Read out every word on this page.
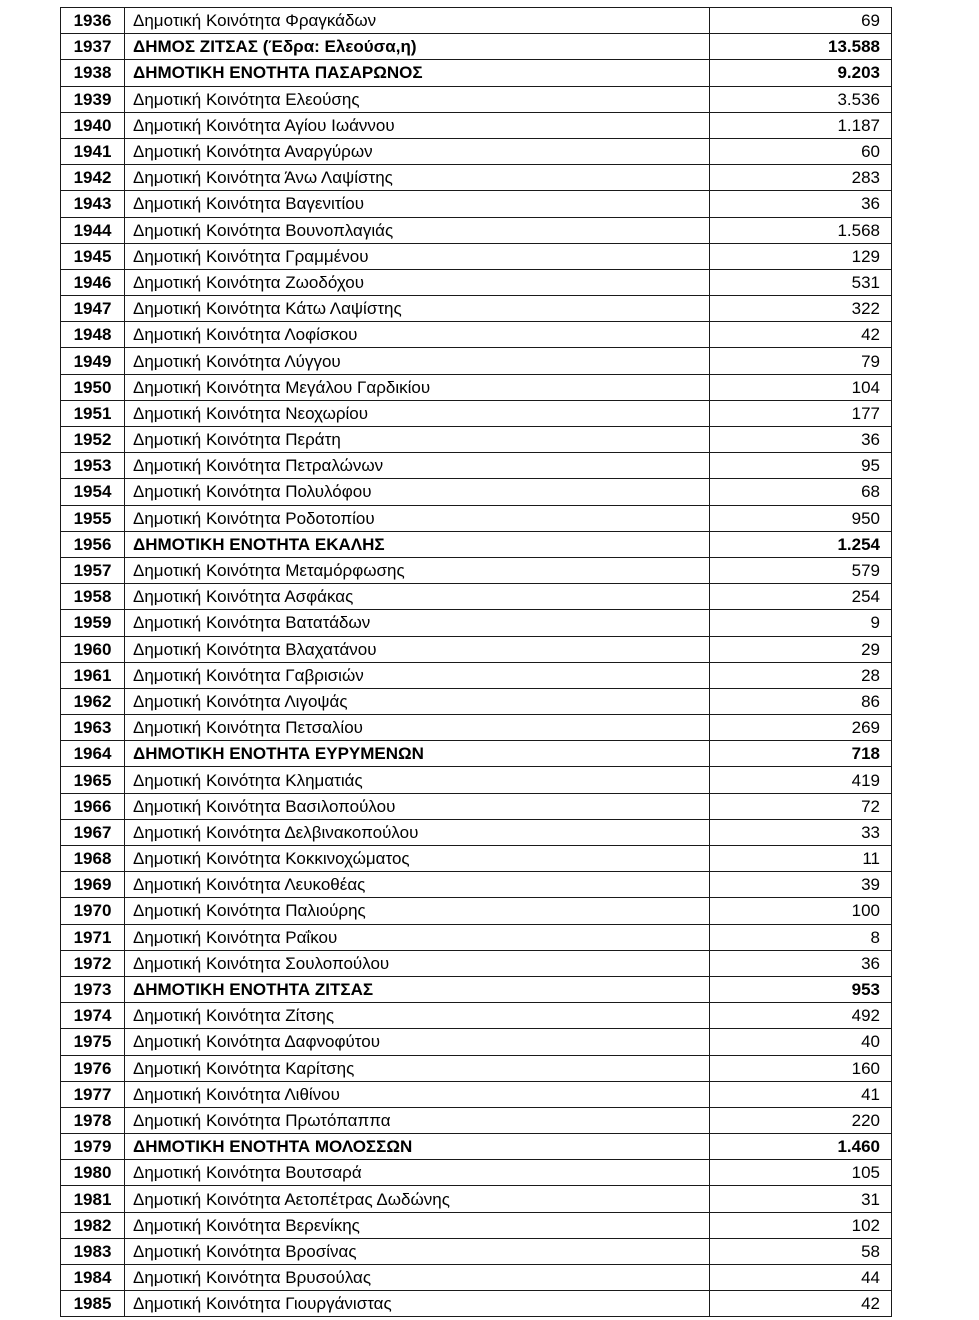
1936	Δημοτική Κοινότητα Φραγκάδων	69
1937	ΔΗΜΟΣ ΖΙΤΣΑΣ (Έδρα: Ελεούσα,η)	13.588
1938	ΔΗΜΟΤΙΚΗ ΕΝΟΤΗΤΑ ΠΑΣΑΡΩΝΟΣ	9.203
1939	Δημοτική Κοινότητα Ελεούσης	3.536
1940	Δημοτική Κοινότητα Αγίου Ιωάννου	1.187
1941	Δημοτική Κοινότητα Αναργύρων	60
1942	Δημοτική Κοινότητα Άνω Λαψίστης	283
1943	Δημοτική Κοινότητα Βαγενιτίου	36
1944	Δημοτική Κοινότητα Βουνοπλαγιάς	1.568
1945	Δημοτική Κοινότητα Γραμμένου	129
1946	Δημοτική Κοινότητα Ζωοδόχου	531
1947	Δημοτική Κοινότητα Κάτω Λαψίστης	322
1948	Δημοτική Κοινότητα Λοφίσκου	42
1949	Δημοτική Κοινότητα Λύγγου	79
1950	Δημοτική Κοινότητα Μεγάλου Γαρδικίου	104
1951	Δημοτική Κοινότητα Νεοχωρίου	177
1952	Δημοτική Κοινότητα Περάτη	36
1953	Δημοτική Κοινότητα Πετραλώνων	95
1954	Δημοτική Κοινότητα Πολυλόφου	68
1955	Δημοτική Κοινότητα Ροδοτοπίου	950
1956	ΔΗΜΟΤΙΚΗ ΕΝΟΤΗΤΑ ΕΚΑΛΗΣ	1.254
1957	Δημοτική Κοινότητα Μεταμόρφωσης	579
1958	Δημοτική Κοινότητα Ασφάκας	254
1959	Δημοτική Κοινότητα Βατατάδων	9
1960	Δημοτική Κοινότητα Βλαχατάνου	29
1961	Δημοτική Κοινότητα Γαβρισιών	28
1962	Δημοτική Κοινότητα Λιγοψάς	86
1963	Δημοτική Κοινότητα Πετσαλίου	269
1964	ΔΗΜΟΤΙΚΗ ΕΝΟΤΗΤΑ ΕΥΡΥΜΕΝΩΝ	718
1965	Δημοτική Κοινότητα Κληματιάς	419
1966	Δημοτική Κοινότητα Βασιλοπούλου	72
1967	Δημοτική Κοινότητα Δελβινακοπούλου	33
1968	Δημοτική Κοινότητα Κοκκινοχώματος	11
1969	Δημοτική Κοινότητα Λευκοθέας	39
1970	Δημοτική Κοινότητα Παλιούρης	100
1971	Δημοτική Κοινότητα Ραΐκου	8
1972	Δημοτική Κοινότητα Σουλοπούλου	36
1973	ΔΗΜΟΤΙΚΗ ΕΝΟΤΗΤΑ ΖΙΤΣΑΣ	953
1974	Δημοτική Κοινότητα Ζίτσης	492
1975	Δημοτική Κοινότητα Δαφνοφύτου	40
1976	Δημοτική Κοινότητα Καρίτσης	160
1977	Δημοτική Κοινότητα Λιθίνου	41
1978	Δημοτική Κοινότητα Πρωτόπαππα	220
1979	ΔΗΜΟΤΙΚΗ ΕΝΟΤΗΤΑ ΜΟΛΟΣΣΩΝ	1.460
1980	Δημοτική Κοινότητα Βουτσαρά	105
1981	Δημοτική Κοινότητα Αετοπέτρας Δωδώνης	31
1982	Δημοτική Κοινότητα Βερενίκης	102
1983	Δημοτική Κοινότητα Βροσίνας	58
1984	Δημοτική Κοινότητα Βρυσούλας	44
1985	Δημοτική Κοινότητα Γιουργάνιστας	42
